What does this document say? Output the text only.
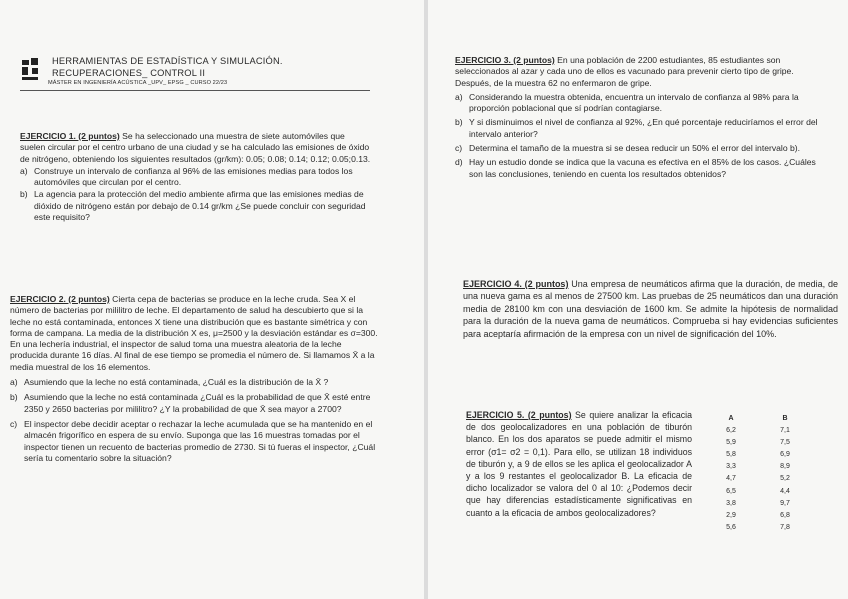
HERRAMIENTAS DE ESTADÍSTICA Y SIMULACIÓN.
RECUPERACIONES_ CONTROL II
MÁSTER EN INGENIERÍA ACÚSTICA _UPV_ EPSG _ CURSO 22/23

EJERCICIO 1. (2 puntos) Se ha seleccionado una muestra de siete automóviles que suelen circular por el centro urbano de una ciudad y se ha calculado las emisiones de óxido de nitrógeno, obteniendo los siguientes resultados (gr/km): 0.05; 0.08; 0.14; 0.12; 0.05;0.13.

a) Construye un intervalo de confianza al 96% de las emisiones medias para todos los automóviles que circulan por el centro.
b) La agencia para la protección del medio ambiente afirma que las emisiones medias de dióxido de nitrógeno están por debajo de 0.14 gr/km ¿Se puede concluir con seguridad este requisito?

EJERCICIO 2. (2 puntos) Cierta cepa de bacterias se produce en la leche cruda. Sea X el número de bacterias por mililitro de leche. El departamento de salud ha descubierto que si la leche no está contaminada, entonces X tiene una distribución que es bastante simétrica y con forma de campana. La media de la distribución X es, μ=2500 y la desviación estándar es σ=300. En una lechería industrial, el inspector de salud toma una muestra aleatoria de la leche producida durante 16 días. Al final de ese tiempo se promedia el número de. Si llamamos X̄ a la media muestral de los 16 elementos.

a) Asumiendo que la leche no está contaminada, ¿Cuál es la distribución de la X̄ ?
b) Asumiendo que la leche no está contaminada ¿Cuál es la probabilidad de que X̄ esté entre 2350 y 2650 bacterias por mililitro? ¿Y la probabilidad de que X̄ sea mayor a 2700?
c) El inspector debe decidir aceptar o rechazar la leche acumulada que se ha mantenido en el almacén frigorífico en espera de su envío. Suponga que las 16 muestras tomadas por el inspector tienen un recuento de bacterias promedio de 2730. Si tú fueras el inspector, ¿Cuál sería tu comentario sobre la situación?

EJERCICIO 3. (2 puntos) En una población de 2200 estudiantes, 85 estudiantes son seleccionados al azar y cada uno de ellos es vacunado para prevenir cierto tipo de gripe. Después, de la muestra 62 no enfermaron de gripe.

a) Considerando la muestra obtenida, encuentra un intervalo de confianza al 98% para la proporción poblacional que sí podrían contagiarse.
b) Y si disminuimos el nivel de confianza al 92%, ¿En qué porcentaje reduciríamos el error del intervalo anterior?
c) Determina el tamaño de la muestra si se desea reducir un 50% el error del intervalo b).
d) Hay un estudio donde se indica que la vacuna es efectiva en el 85% de los casos. ¿Cuáles son las conclusiones, teniendo en cuenta los resultados obtenidos?

EJERCICIO 4. (2 puntos) Una empresa de neumáticos afirma que la duración, de media, de una nueva gama es al menos de 27500 km. Las pruebas de 25 neumáticos dan una duración media de 28100 km con una desviación de 1600 km. Se admite la hipótesis de normalidad para la duración de la nueva gama de neumáticos. Comprueba si hay evidencias suficientes para aceptaría afirmación de la empresa con un nivel de significación del 10%.

EJERCICIO 5. (2 puntos) Se quiere analizar la eficacia de dos geolocalizadores en una población de tiburón blanco. En los dos aparatos se puede admitir el mismo error (σ1= σ2 = 0,1). Para ello, se utilizan 18 individuos de tiburón y, a 9 de ellos se les aplica el geolocalizador A y a los 9 restantes el geolocalizador B. La eficacia de dicho localizador se valora del 0 al 10: ¿Podemos decir que hay diferencias estadísticamente significativas en cuanto a la eficacia de ambos geolocalizadores?

A	B
6,2	7,1
5,9	7,5
5,8	6,9
3,3	8,9
4,7	5,2
6,5	4,4
3,8	9,7
2,9	6,8
5,6	7,8
